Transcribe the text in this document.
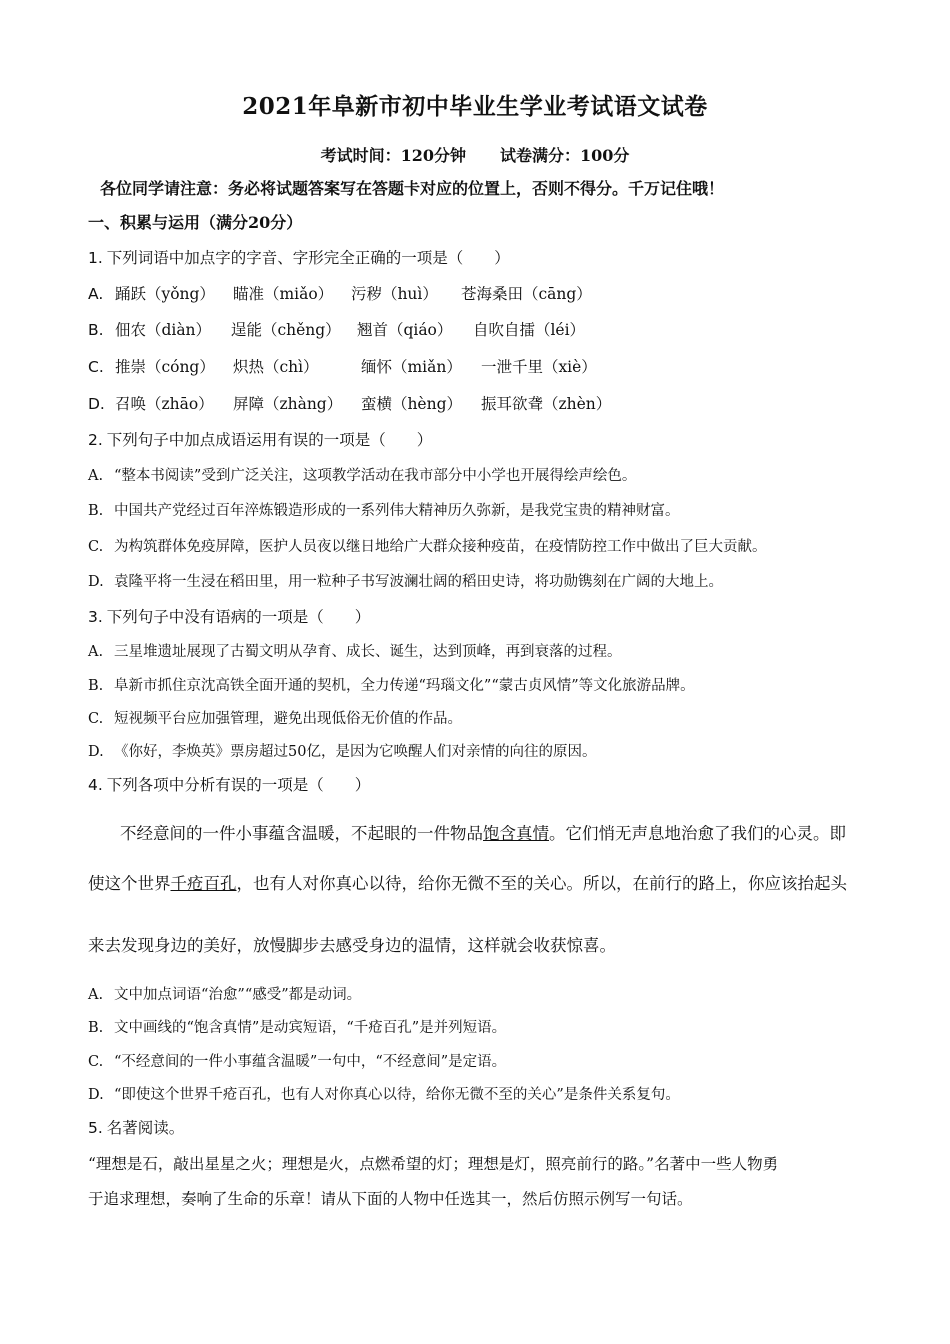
2021年阜新市初中毕业生学业考试语文试卷
考试时间：120分钟 试卷满分：100分
各位同学请注意：务必将试题答案写在答题卡对应的位置上，否则不得分。千万记住哦！
一、积累与运用（满分20分）
1. 下列词语中加点字的字音、字形完全正确的一项是（　　）
A. 踊跃（yǒng） 瞄准（miǎo） 污秽（huì） 苍海桑田（cāng）
B. 佃农（diàn） 逞能（chěng） 翘首（qiáo） 自吹自擂（léi）
C. 推崇（cóng） 炽热（chì）	缅怀（miǎn） 一泄千里（xiè）
D. 召唤（zhāo） 屏障（zhàng） 蛮横（hèng） 振耳欲聋（zhèn）
2. 下列句子中加点成语运用有误的一项是（　　）
A. “整本书阅读”受到广泛关注，这项教学活动在我市部分中小学也开展得绘声绘色。
B. 中国共产党经过百年淬炼锻造形成的一系列伟大精神历久弥新，是我党宝贵的精神财富。
C. 为构筑群体免疫屏障，医护人员夜以继日地给广大群众接种疫苗，在疫情防控工作中做出了巨大贡献。
D. 袁隆平将一生浸在稻田里，用一粒种子书写波澜壮阔的稻田史诗，将功勋镌刻在广阔的大地上。
3. 下列句子中没有语病的一项是（　　）
A. 三星堆遗址展现了古蜀文明从孕育、成长、诞生，达到顶峰，再到衰落的过程。
B. 阜新市抓住京沈高铁全面开通的契机，全力传递“玛瑙文化”“蒙古贞风情”等文化旅游品牌。
C. 短视频平台应加强管理，避免出现低俗无价值的作品。
D. 《你好，李焕英》票房超过50亿，是因为它唤醒人们对亲情的向往的原因。
4. 下列各项中分析有误的一项是（　　）
不经意间的一件小事蕴含温暖，不起眼的一件物品饱含真情。它们悄无声息地治愈了我们的心灵。即
使这个世界千疮百孔，也有人对你真心以待，给你无微不至的关心。所以，在前行的路上，你应该抬起头
来去发现身边的美好，放慢脚步去感受身边的温情，这样就会收获惊喜。
A. 文中加点词语“治愈”“感受”都是动词。
B. 文中画线的“饱含真情”是动宾短语，“千疮百孔”是并列短语。
C. “不经意间的一件小事蕴含温暖”一句中，“不经意间”是定语。
D. “即使这个世界千疮百孔，也有人对你真心以待，给你无微不至的关心”是条件关系复句。
5. 名著阅读。
“理想是石，敲出星星之火；理想是火，点燃希望的灯；理想是灯，照亮前行的路。”名著中一些人物勇
于追求理想，奏响了生命的乐章！请从下面的人物中任选其一，然后仿照示例写一句话。
